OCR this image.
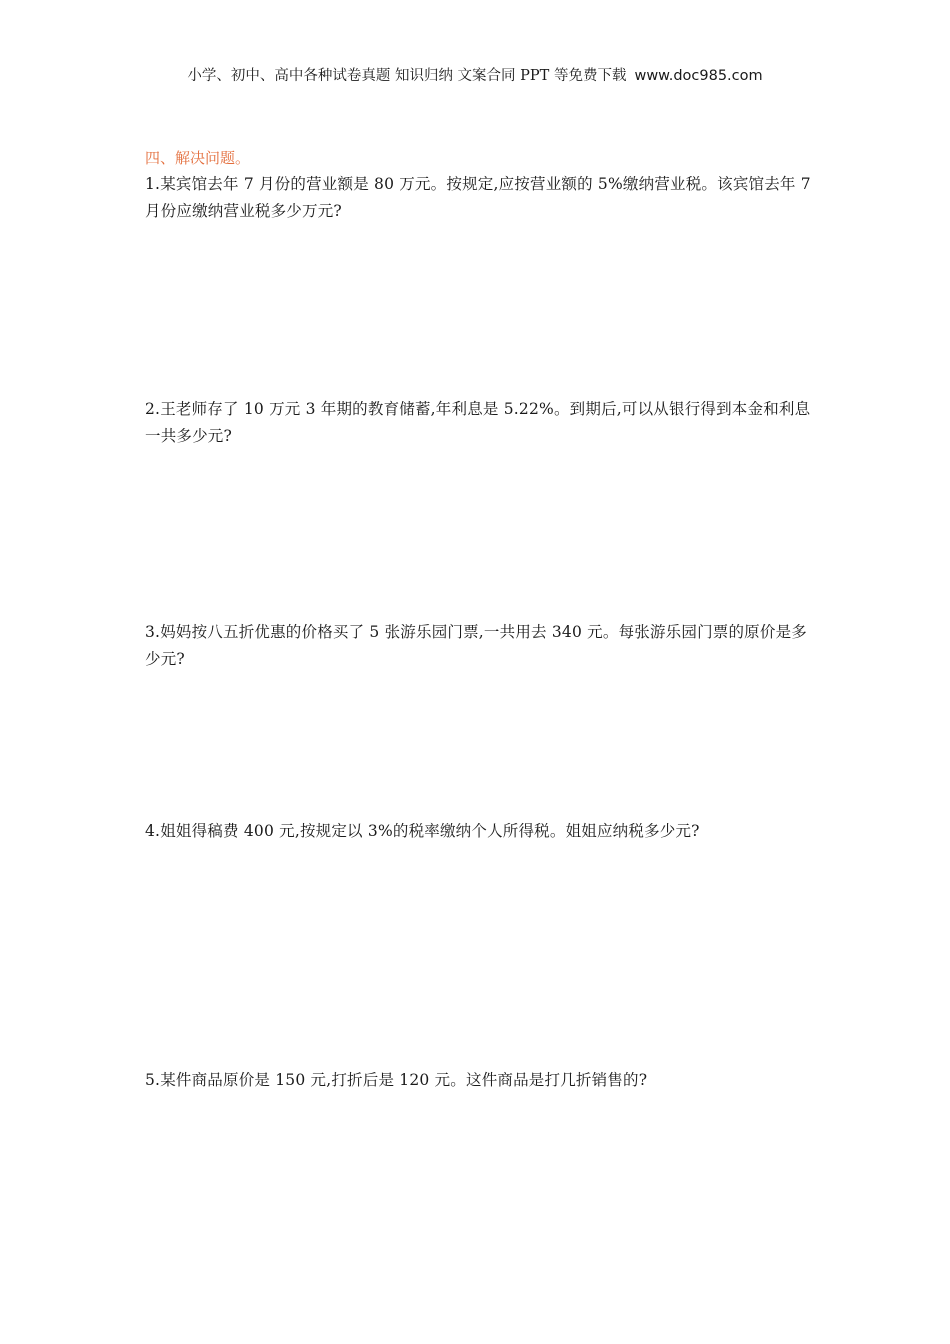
小学、初中、高中各种试卷真题 知识归纳 文案合同 PPT 等免费下载 www.doc985.com
四、解决问题。
1.某宾馆去年 7 月份的营业额是 80 万元。按规定,应按营业额的 5%缴纳营业税。该宾馆去年 7 月份应缴纳营业税多少万元?
2.王老师存了 10 万元 3 年期的教育储蓄,年利息是 5.22%。到期后,可以从银行得到本金和利息一共多少元?
3.妈妈按八五折优惠的价格买了 5 张游乐园门票,一共用去 340 元。每张游乐园门票的原价是多少元?
4.姐姐得稿费 400 元,按规定以 3%的税率缴纳个人所得税。姐姐应纳税多少元?
5.某件商品原价是 150 元,打折后是 120 元。这件商品是打几折销售的?
